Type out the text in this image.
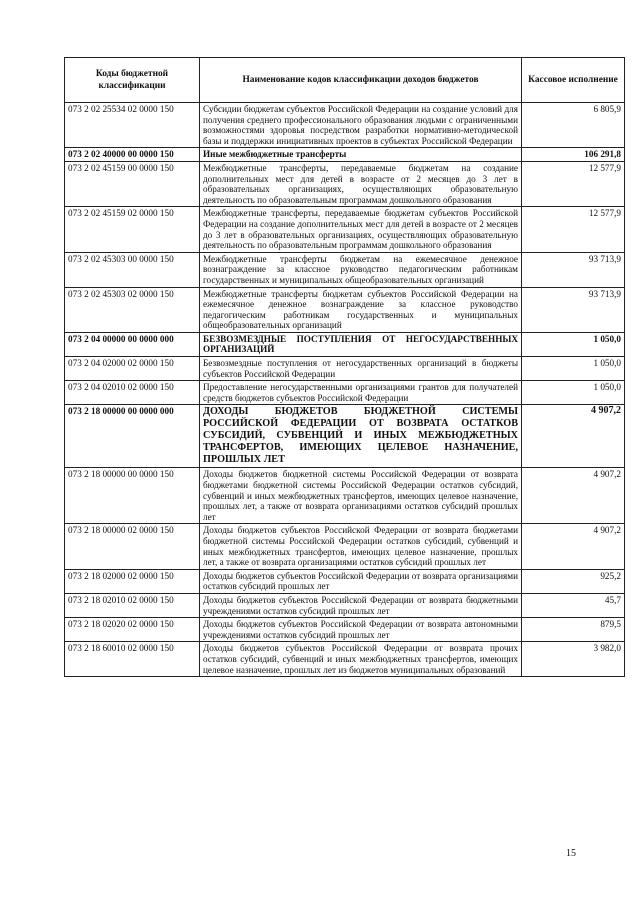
Коды бюджетной классификации	Наименование кодов классификации доходов бюджетов	Кассовое исполнение
073 2 02 25534 02 0000 150	Субсидии бюджетам субъектов Российской Федерации на создание условий для получения среднего профессионального образования людьми с ограниченными возможностями здоровья посредством разработки нормативно-методической базы и поддержки инициативных проектов в субъектах Российской Федерации	6 805,9
073 2 02 40000 00 0000 150	Иные межбюджетные трансферты	106 291,8
073 2 02 45159 00 0000 150	Межбюджетные трансферты, передаваемые бюджетам на создание дополнительных мест для детей в возрасте от 2 месяцев до 3 лет в образовательных организациях, осуществляющих образовательную деятельность по образовательным программам дошкольного образования	12 577,9
073 2 02 45159 02 0000 150	Межбюджетные трансферты, передаваемые бюджетам субъектов Российской Федерации на создание дополнительных мест для детей в возрасте от 2 месяцев до 3 лет в образовательных организациях, осуществляющих образовательную деятельность по образовательным программам дошкольного образования	12 577,9
073 2 02 45303 00 0000 150	Межбюджетные трансферты бюджетам на ежемесячное денежное вознаграждение за классное руководство педагогическим работникам государственных и муниципальных общеобразовательных организаций	93 713,9
073 2 02 45303 02 0000 150	Межбюджетные трансферты бюджетам субъектов Российской Федерации на ежемесячное денежное вознаграждение за классное руководство педагогическим работникам государственных и муниципальных общеобразовательных организаций	93 713,9
073 2 04 00000 00 0000 000	БЕЗВОЗМЕЗДНЫЕ ПОСТУПЛЕНИЯ ОТ НЕГОСУДАРСТВЕННЫХ ОРГАНИЗАЦИЙ	1 050,0
073 2 04 02000 02 0000 150	Безвозмездные поступления от негосударственных организаций в бюджеты субъектов Российской Федерации	1 050,0
073 2 04 02010 02 0000 150	Предоставление негосударственными организациями грантов для получателей средств бюджетов субъектов Российской Федерации	1 050,0
073 2 18 00000 00 0000 000	ДОХОДЫ БЮДЖЕТОВ БЮДЖЕТНОЙ СИСТЕМЫ РОССИЙСКОЙ ФЕДЕРАЦИИ ОТ ВОЗВРАТА ОСТАТКОВ СУБСИДИЙ, СУБВЕНЦИЙ И ИНЫХ МЕЖБЮДЖЕТНЫХ ТРАНСФЕРТОВ, ИМЕЮЩИХ ЦЕЛЕВОЕ НАЗНАЧЕНИЕ, ПРОШЛЫХ ЛЕТ	4 907,2
073 2 18 00000 00 0000 150	Доходы бюджетов бюджетной системы Российской Федерации от возврата бюджетами бюджетной системы Российской Федерации остатков субсидий, субвенций и иных межбюджетных трансфертов, имеющих целевое назначение, прошлых лет, а также от возврата организациями остатков субсидий прошлых лет	4 907,2
073 2 18 00000 02 0000 150	Доходы бюджетов субъектов Российской Федерации от возврата бюджетами бюджетной системы Российской Федерации остатков субсидий, субвенций и иных межбюджетных трансфертов, имеющих целевое назначение, прошлых лет, а также от возврата организациями остатков субсидий прошлых лет	4 907,2
073 2 18 02000 02 0000 150	Доходы бюджетов субъектов Российской Федерации от возврата организациями остатков субсидий прошлых лет	925,2
073 2 18 02010 02 0000 150	Доходы бюджетов субъектов Российской Федерации от возврата бюджетными учреждениями остатков субсидий прошлых лет	45,7
073 2 18 02020 02 0000 150	Доходы бюджетов субъектов Российской Федерации от возврата автономными учреждениями остатков субсидий прошлых лет	879,5
073 2 18 60010 02 0000 150	Доходы бюджетов субъектов Российской Федерации от возврата прочих остатков субсидий, субвенций и иных межбюджетных трансфертов, имеющих целевое назначение, прошлых лет из бюджетов муниципальных образований	3 982,0
15
